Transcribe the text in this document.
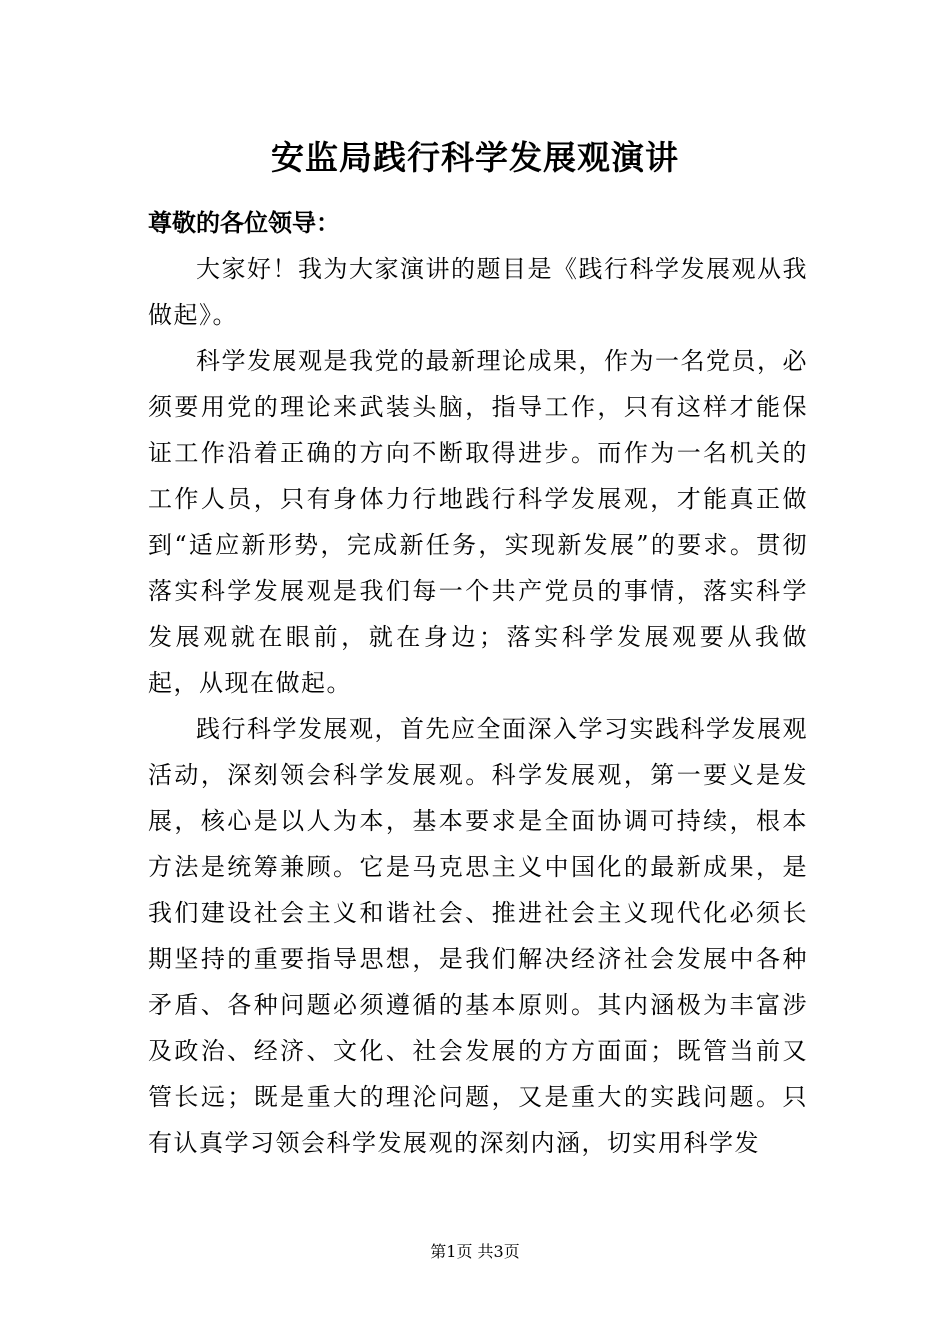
安监局践行科学发展观演讲
尊敬的各位领导：

大家好！我为大家演讲的题目是《践行科学发展观从我做起》。

科学发展观是我党的最新理论成果，作为一名党员，必须要用党的理论来武装头脑，指导工作，只有这样才能保证工作沿着正确的方向不断取得进步。而作为一名机关的工作人员，只有身体力行地践行科学发展观，才能真正做到“适应新形势，完成新任务，实现新发展”的要求。贯彻落实科学发展观是我们每一个共产党员的事情，落实科学发展观就在眼前，就在身边；落实科学发展观要从我做起，从现在做起。

践行科学发展观，首先应全面深入学习实践科学发展观活动，深刻领会科学发展观。科学发展观，第一要义是发展，核心是以人为本，基本要求是全面协调可持续，根本方法是统筹兼顾。它是马克思主义中国化的最新成果，是我们建设社会主义和谐社会、推进社会主义现代化必须长期坚持的重要指导思想，是我们解决经济社会发展中各种矛盾、各种问题必须遵循的基本原则。其内涵极为丰富涉及政治、经济、文化、社会发展的方方面面；既管当前又管长远；既是重大的理沦问题，又是重大的实践问题。只有认真学习领会科学发展观的深刻内涵，切实用科学发

第1页 共3页
